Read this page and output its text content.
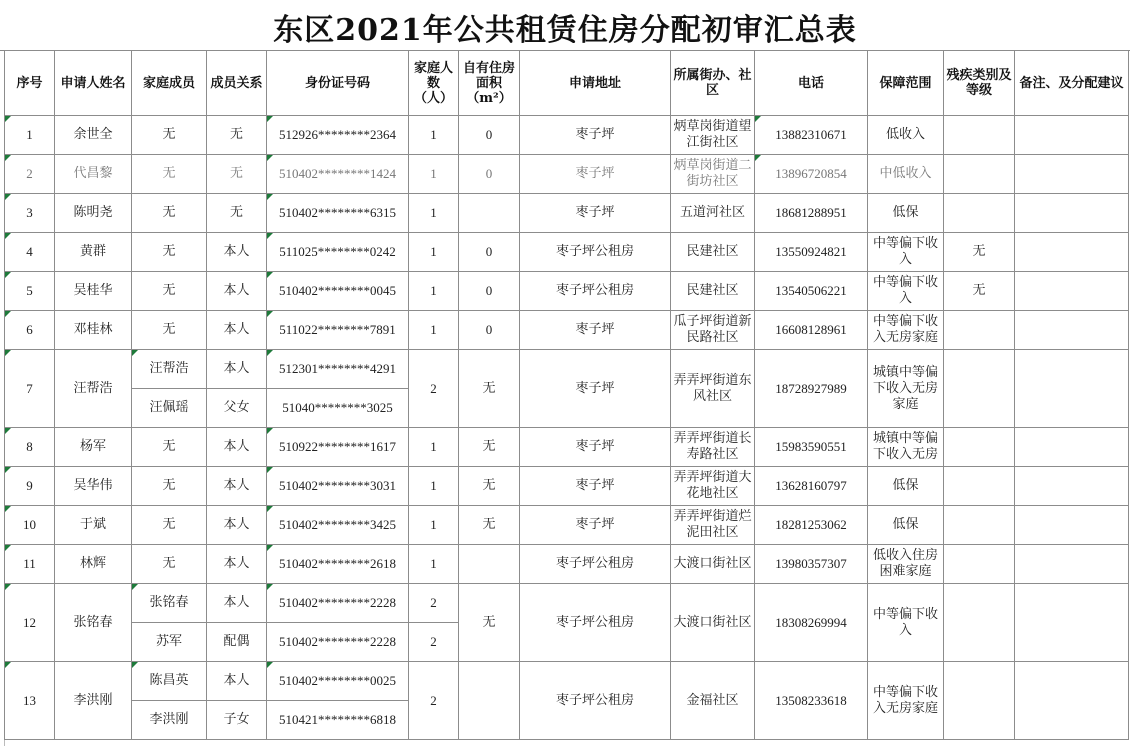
东区2021年公共租赁住房分配初审汇总表
序号	申请人姓名	家庭成员	成员关系	身份证号码	家庭人数（人）	自有住房面积（m²）	申请地址	所属街办、社区	电话	保障范围	残疾类别及等级	备注、及分配建议
1	余世全	无	无	512926********2364	1	0	枣子坪	炳草岗街道望江街社区	13882310671	低收入		
2	代昌黎	无	无	510402********1424	1	0	枣子坪	炳草岗街道二街坊社区	13896720854	中低收入		
3	陈明尧	无	无	510402********6315	1		枣子坪	五道河社区	18681288951	低保		
4	黄群	无	本人	511025********0242	1	0	枣子坪公租房	民建社区	13550924821	中等偏下收入	无	
5	吴桂华	无	本人	510402********0045	1	0	枣子坪公租房	民建社区	13540506221	中等偏下收入	无	
6	邓桂林	无	本人	511022********7891	1	0	枣子坪	瓜子坪街道新民路社区	16608128961	中等偏下收入无房家庭		
7	汪帮浩	汪帮浩	本人	512301********4291	2	无	枣子坪	弄弄坪街道东风社区	18728927989	城镇中等偏下收入无房家庭		
		汪佩瑶	父女	51040********3025								
8	杨军	无	本人	510922********1617	1	无	枣子坪	弄弄坪街道长寿路社区	15983590551	城镇中等偏下收入无房		
9	吴华伟	无	本人	510402********3031	1	无	枣子坪	弄弄坪街道大花地社区	13628160797	低保		
10	于斌	无	本人	510402********3425	1	无	枣子坪	弄弄坪街道烂泥田社区	18281253062	低保		
11	林辉	无	本人	510402********2618	1		枣子坪公租房	大渡口街社区	13980357307	低收入住房困难家庭		
12	张铭春	张铭春	本人	510402********2228	2	无	枣子坪公租房	大渡口街社区	18308269994	中等偏下收入		
		苏军	配偶	510402********2228	2							
13	李洪刚	陈昌英	本人	510402********0025	2		枣子坪公租房	金福社区	13508233618	中等偏下收入无房家庭		
		李洪刚	子女	510421********6818								
